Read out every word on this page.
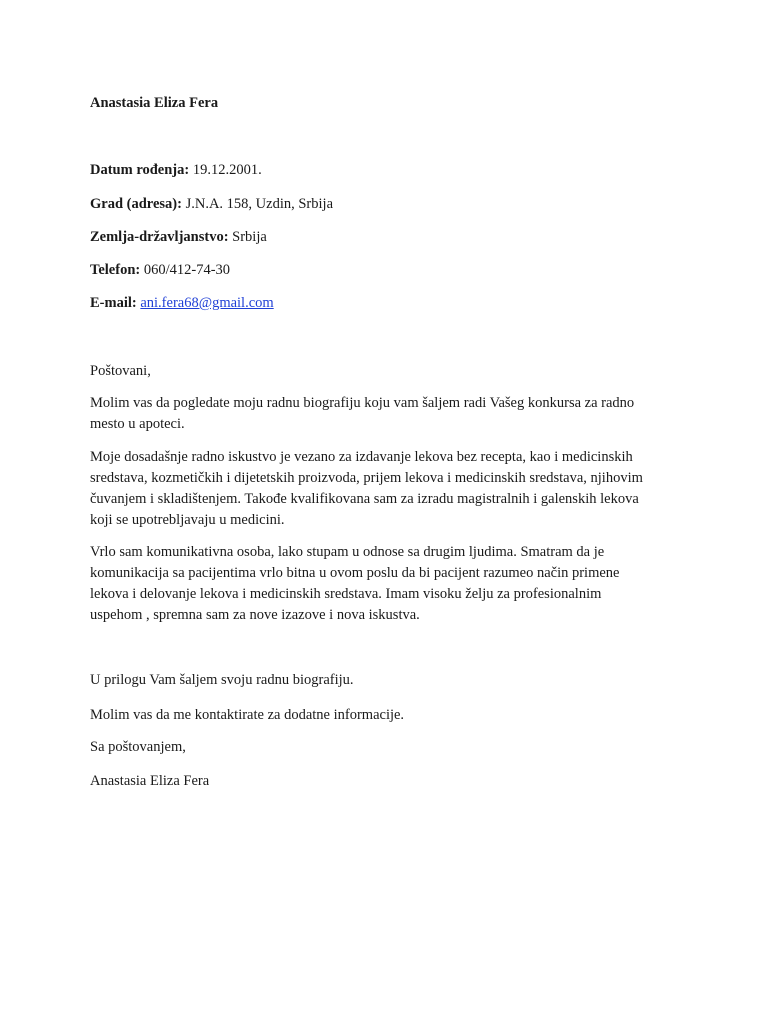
Anastasia Eliza Fera
Datum rođenja: 19.12.2001.
Grad (adresa): J.N.A. 158, Uzdin, Srbija
Zemlja-državljanstvo: Srbija
Telefon: 060/412-74-30
E-mail: ani.fera68@gmail.com
Poštovani,
Molim vas da pogledate moju radnu biografiju koju vam šaljem radi Vašeg konkursa za radno
mesto u apoteci.
Moje dosadašnje radno iskustvo je vezano za izdavanje lekova bez recepta, kao i medicinskih
sredstava, kozmetičkih i dijetetskih proizvoda, prijem lekova i medicinskih sredstava, njihovim
čuvanjem i skladištenjem. Takođe kvalifikovana sam za izradu magistralnih i galenskih lekova
koji se upotrebljavaju u medicini.
Vrlo sam komunikativna osoba, lako stupam u odnose sa drugim ljudima. Smatram da je
komunikacija sa pacijentima vrlo bitna u ovom poslu da bi pacijent razumeo način primene
lekova i delovanje lekova i medicinskih sredstava. Imam visoku želju za profesionalnim
uspehom , spremna sam za nove izazove i nova iskustva.
U prilogu Vam šaljem svoju radnu biografiju.
Molim vas da me kontaktirate za dodatne informacije.
Sa poštovanjem,
Anastasia Eliza Fera
